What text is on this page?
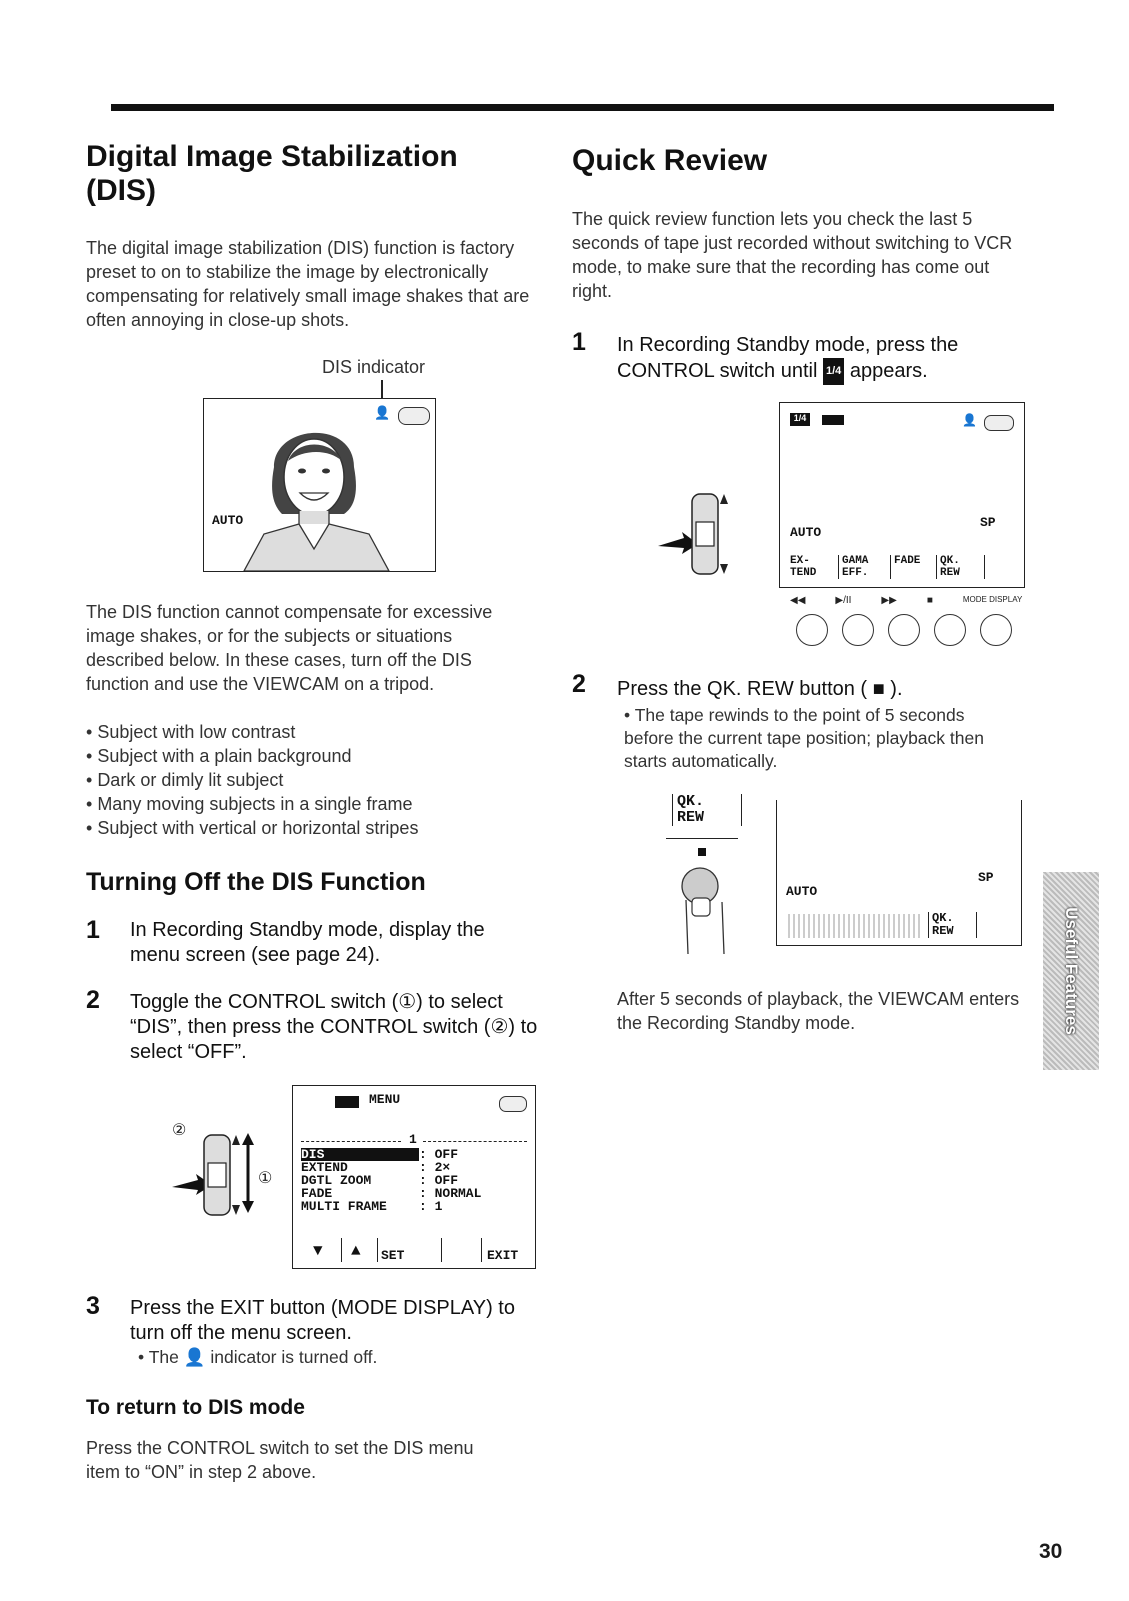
Digital Image Stabilization (DIS)
The digital image stabilization (DIS) function is factory preset to on to stabilize the image by electronically compensating for relatively small image shakes that are often annoying in close-up shots.
DIS indicator
AUTO
👤
The DIS function cannot compensate for excessive image shakes, or for the subjects or situations described below. In these cases, turn off the DIS function and use the VIEWCAM on a tripod.
• Subject with low contrast
• Subject with a plain background
• Dark or dimly lit subject
• Many moving subjects in a single frame
• Subject with vertical or horizontal stripes
Turning Off the DIS Function
1 In Recording Standby mode, display the menu screen (see page 24).
2 Toggle the CONTROL switch (①) to select “DIS”, then press the CONTROL switch (②) to select “OFF”.
②
①
MENU
1
DIS	: OFF
EXTEND	: 2×
DGTL ZOOM	: OFF
FADE	: NORMAL
MULTI FRAME	: 1
▼ ▲ SET	EXIT
3 Press the EXIT button (MODE DISPLAY) to turn off the menu screen.
• The 👤 indicator is turned off.
To return to DIS mode
Press the CONTROL switch to set the DIS menu item to “ON” in step 2 above.
Quick Review
The quick review function lets you check the last 5 seconds of tape just recorded without switching to VCR mode, to make sure that the recording has come out right.
1 In Recording Standby mode, press the CONTROL switch until 1/4 appears.
1/4	👤
SP
AUTO
EX- TEND
GAMA EFF.
FADE	QK. REW
◀◀	▶/II	▶▶	■	MODE DISPLAY
2 Press the QK. REW button ( ■ ).
• The tape rewinds to the point of 5 seconds before the current tape position; playback then starts automatically.
QK. REW
SP
AUTO
QK. REW
After 5 seconds of playback, the VIEWCAM enters the Recording Standby mode.	Useful Features
30
